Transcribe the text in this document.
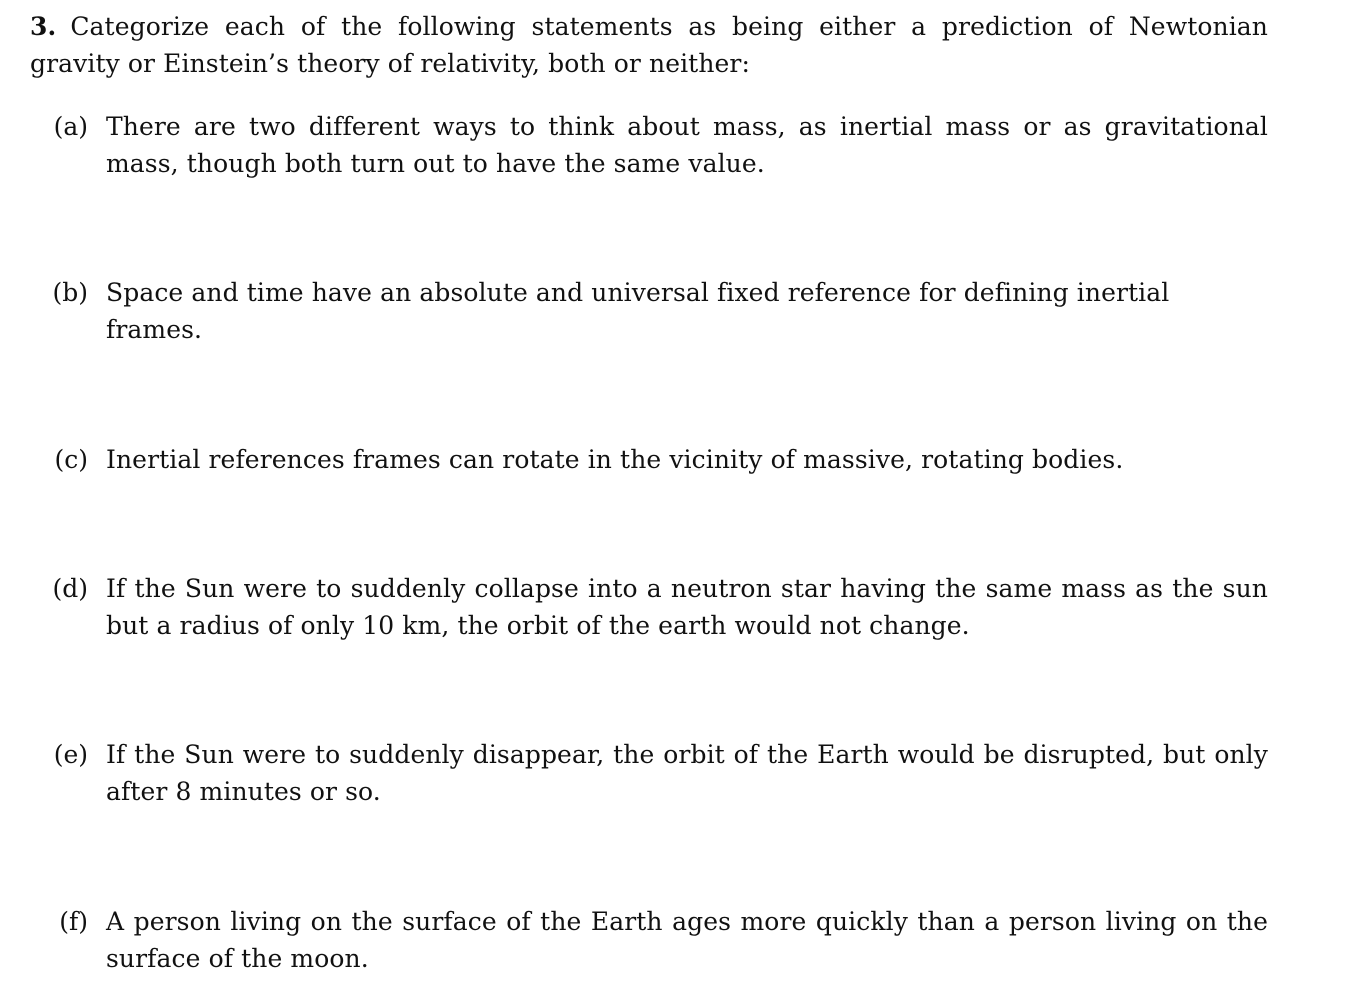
3. Categorize each of the following statements as being either a prediction of Newtonian gravity or Einstein’s theory of relativity, both or neither:
(a) There are two different ways to think about mass, as inertial mass or as gravitational mass, though both turn out to have the same value.
(b) Space and time have an absolute and universal fixed reference for defining inertial frames.
(c) Inertial references frames can rotate in the vicinity of massive, rotating bodies.
(d) If the Sun were to suddenly collapse into a neutron star having the same mass as the sun but a radius of only 10 km, the orbit of the earth would not change.
(e) If the Sun were to suddenly disappear, the orbit of the Earth would be disrupted, but only after 8 minutes or so.
(f) A person living on the surface of the Earth ages more quickly than a person living on the surface of the moon.
